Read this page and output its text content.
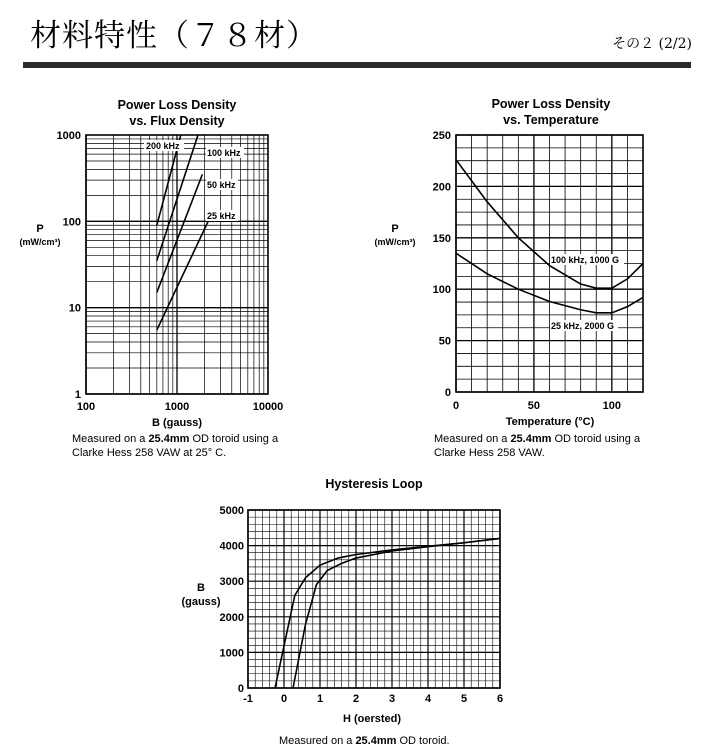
材料特性（７８材）	その２ (2/2)
200 kHz
100 kHz
50 kHz
25 kHz
Power Loss Density
vs. Flux Density
1000
100
10
1
100	1000	10000
B (gauss)
P
(mW/cm³)
100 kHz, 1000 G
25 kHz, 2000 G
Power Loss Density
vs. Temperature
250
200
150
100
50
0
0	50	100
Temperature (°C)
P
(mW/cm³)
Hysteresis Loop
5000
4000
3000
2000
1000
0
-1	0	1	2	3	4	5	6
H (oersted)
B
(gauss)
Measured on a 25.4mm OD toroid using a
Clarke Hess 258 VAW at 25° C.
Measured on a 25.4mm OD toroid using a
Clarke Hess 258 VAW.
Measured on a 25.4mm OD toroid.
